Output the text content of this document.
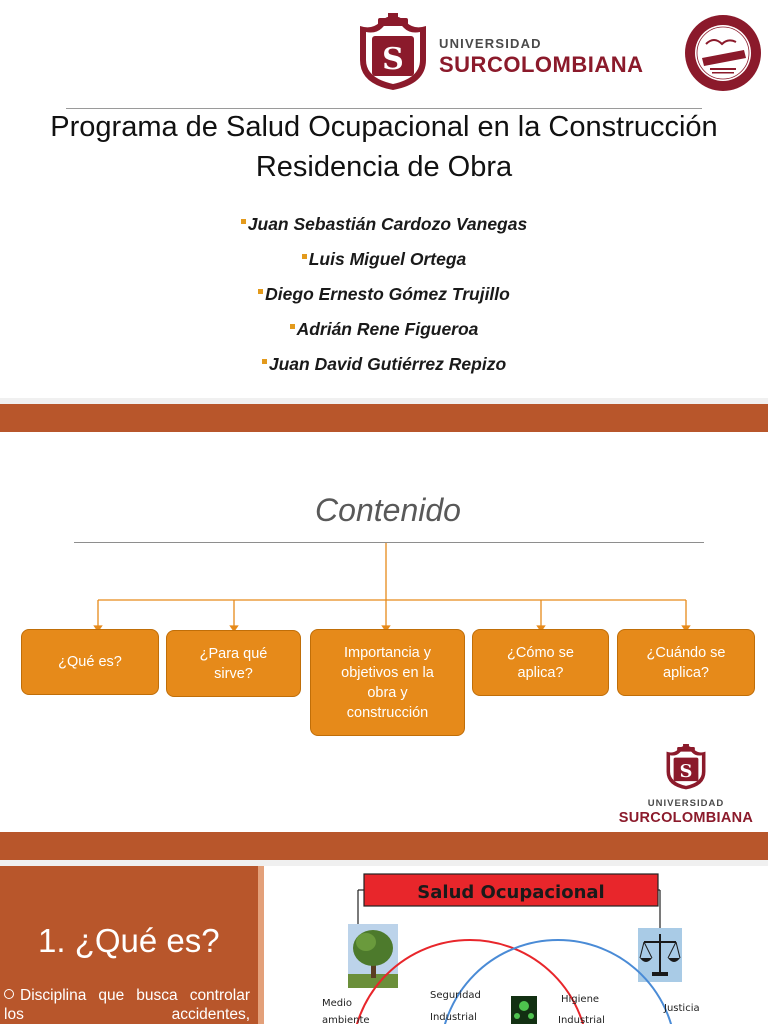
S	UNIVERSIDAD
SURCOLOMBIANA
Programa de Salud Ocupacional en la Construcción
Residencia de Obra
Juan Sebastián Cardozo Vanegas
Luis Miguel Ortega
Diego Ernesto Gómez Trujillo
Adrián Rene Figueroa
Juan David Gutiérrez Repizo
Contenido
¿Qué es?
¿Para qué sirve?
Importancia y objetivos en la obra y construcción
¿Cómo se aplica?
¿Cuándo se aplica?
S
UNIVERSIDAD
SURCOLOMBIANA
1. ¿Qué es?
Disciplina que busca controlar los accidentes,
Salud Ocupacional
Medio
ambiente
Seguridad
Industrial
Higiene
Industrial
Justicia
